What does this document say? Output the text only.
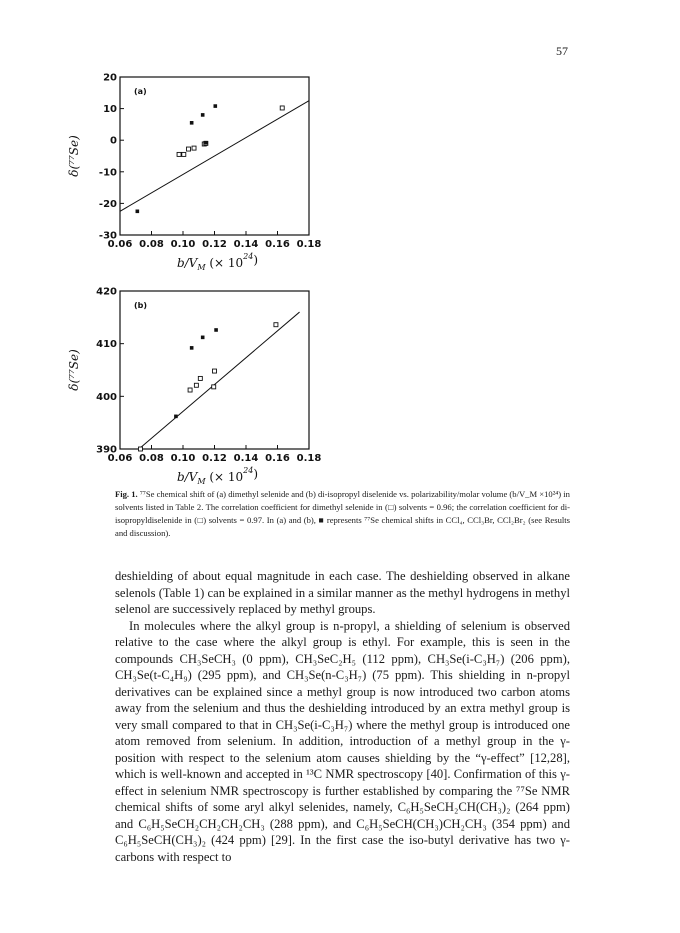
57
0.06 0.08 0.10 0.12 0.14 0.16 0.18
-30
-20
-10
0
10
20
(a)
$b/V_M$ (× $10^{24}$)
δ(⁷⁷Se)
0.06 0.08 0.10 0.12 0.14 0.16 0.18
390
400
410
420
(b)
$b/V_M$ (× $10^{24}$)
δ(⁷⁷Se)
Fig. 1. ⁷⁷Se chemical shift of (a) dimethyl selenide and (b) di-isopropyl diselenide vs. polarizability/molar volume (b/V_M ×10²⁴) in solvents listed in Table 2. The correlation coefficient for dimethyl selenide in (□) solvents = 0.96; the correlation coefficient for di-isopropyldiselenide in (□) solvents = 0.97. In (a) and (b), ■ represents ⁷⁷Se chemical shifts in CCl₄, CCl₃Br, CCl₂Br₂ (see Results and discussion).

deshielding of about equal magnitude in each case. The deshielding observed in alkane selenols (Table 1) can be explained in a similar manner as the methyl hydrogens in methyl selenol are successively replaced by methyl groups.

In molecules where the alkyl group is n-propyl, a shielding of selenium is observed relative to the case where the alkyl group is ethyl. For example, this is seen in the compounds CH₃SeCH₃ (0 ppm), CH₃SeC₂H₅ (112 ppm), CH₃Se(i-C₃H₇) (206 ppm), CH₃Se(t-C₄H₉) (295 ppm), and CH₃Se(n-C₃H₇) (75 ppm). This shielding in n-propyl derivatives can be explained since a methyl group is now introduced two carbon atoms away from the selenium and thus the deshielding introduced by an extra methyl group is very small compared to that in CH₃Se(i-C₃H₇) where the methyl group is introduced one atom removed from selenium. In addition, introduction of a methyl group in the γ-position with respect to the selenium atom causes shielding by the “γ-effect” [12,28], which is well-known and accepted in ¹³C NMR spectroscopy [40]. Confirmation of this γ-effect in selenium NMR spectroscopy is further established by comparing the ⁷⁷Se NMR chemical shifts of some aryl alkyl selenides, namely, C₆H₅SeCH₂CH(CH₃)₂ (264 ppm) and C₆H₅SeCH₂CH₂CH₂CH₃ (288 ppm), and C₆H₅SeCH(CH₃)CH₂CH₃ (354 ppm) and C₆H₅SeCH(CH₃)₂ (424 ppm) [29]. In the first case the iso-butyl derivative has two γ-carbons with respect to
